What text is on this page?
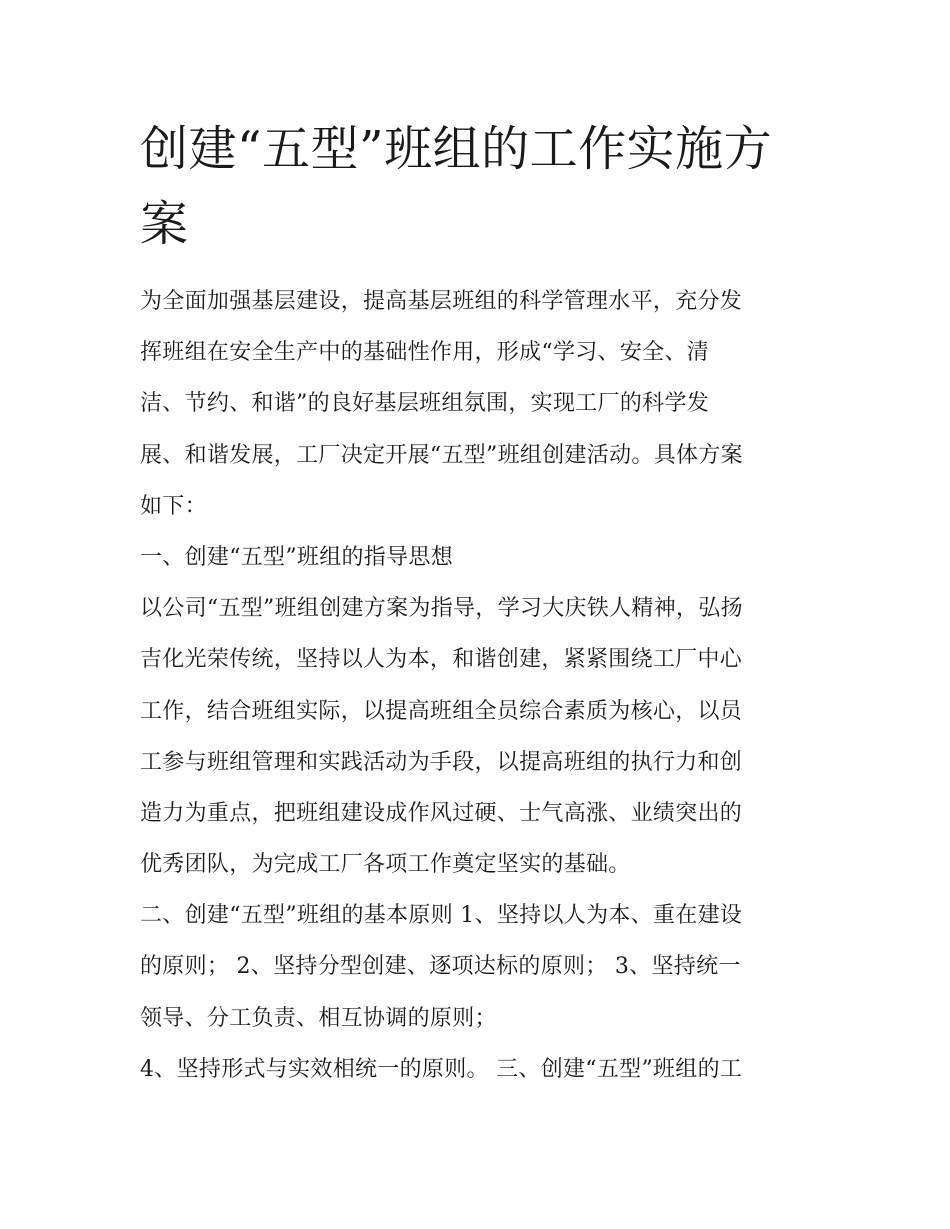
创建“五型”班组的工作实施方
案
为全面加强基层建设，提高基层班组的科学管理水平，充分发
挥班组在安全生产中的基础性作用，形成“学习、安全、清
洁、节约、和谐”的良好基层班组氛围，实现工厂的科学发
展、和谐发展，工厂决定开展“五型”班组创建活动。具体方案
如下：
一、创建“五型”班组的指导思想
以公司“五型”班组创建方案为指导，学习大庆铁人精神，弘扬
吉化光荣传统，坚持以人为本，和谐创建，紧紧围绕工厂中心
工作，结合班组实际，以提高班组全员综合素质为核心，以员
工参与班组管理和实践活动为手段，以提高班组的执行力和创
造力为重点，把班组建设成作风过硬、士气高涨、业绩突出的
优秀团队，为完成工厂各项工作奠定坚实的基础。
二、创建“五型”班组的基本原则 1、坚持以人为本、重在建设
的原则； 2、坚持分型创建、逐项达标的原则； 3、坚持统一
领导、分工负责、相互协调的原则；
4、坚持形式与实效相统一的原则。 三、创建“五型”班组的工
